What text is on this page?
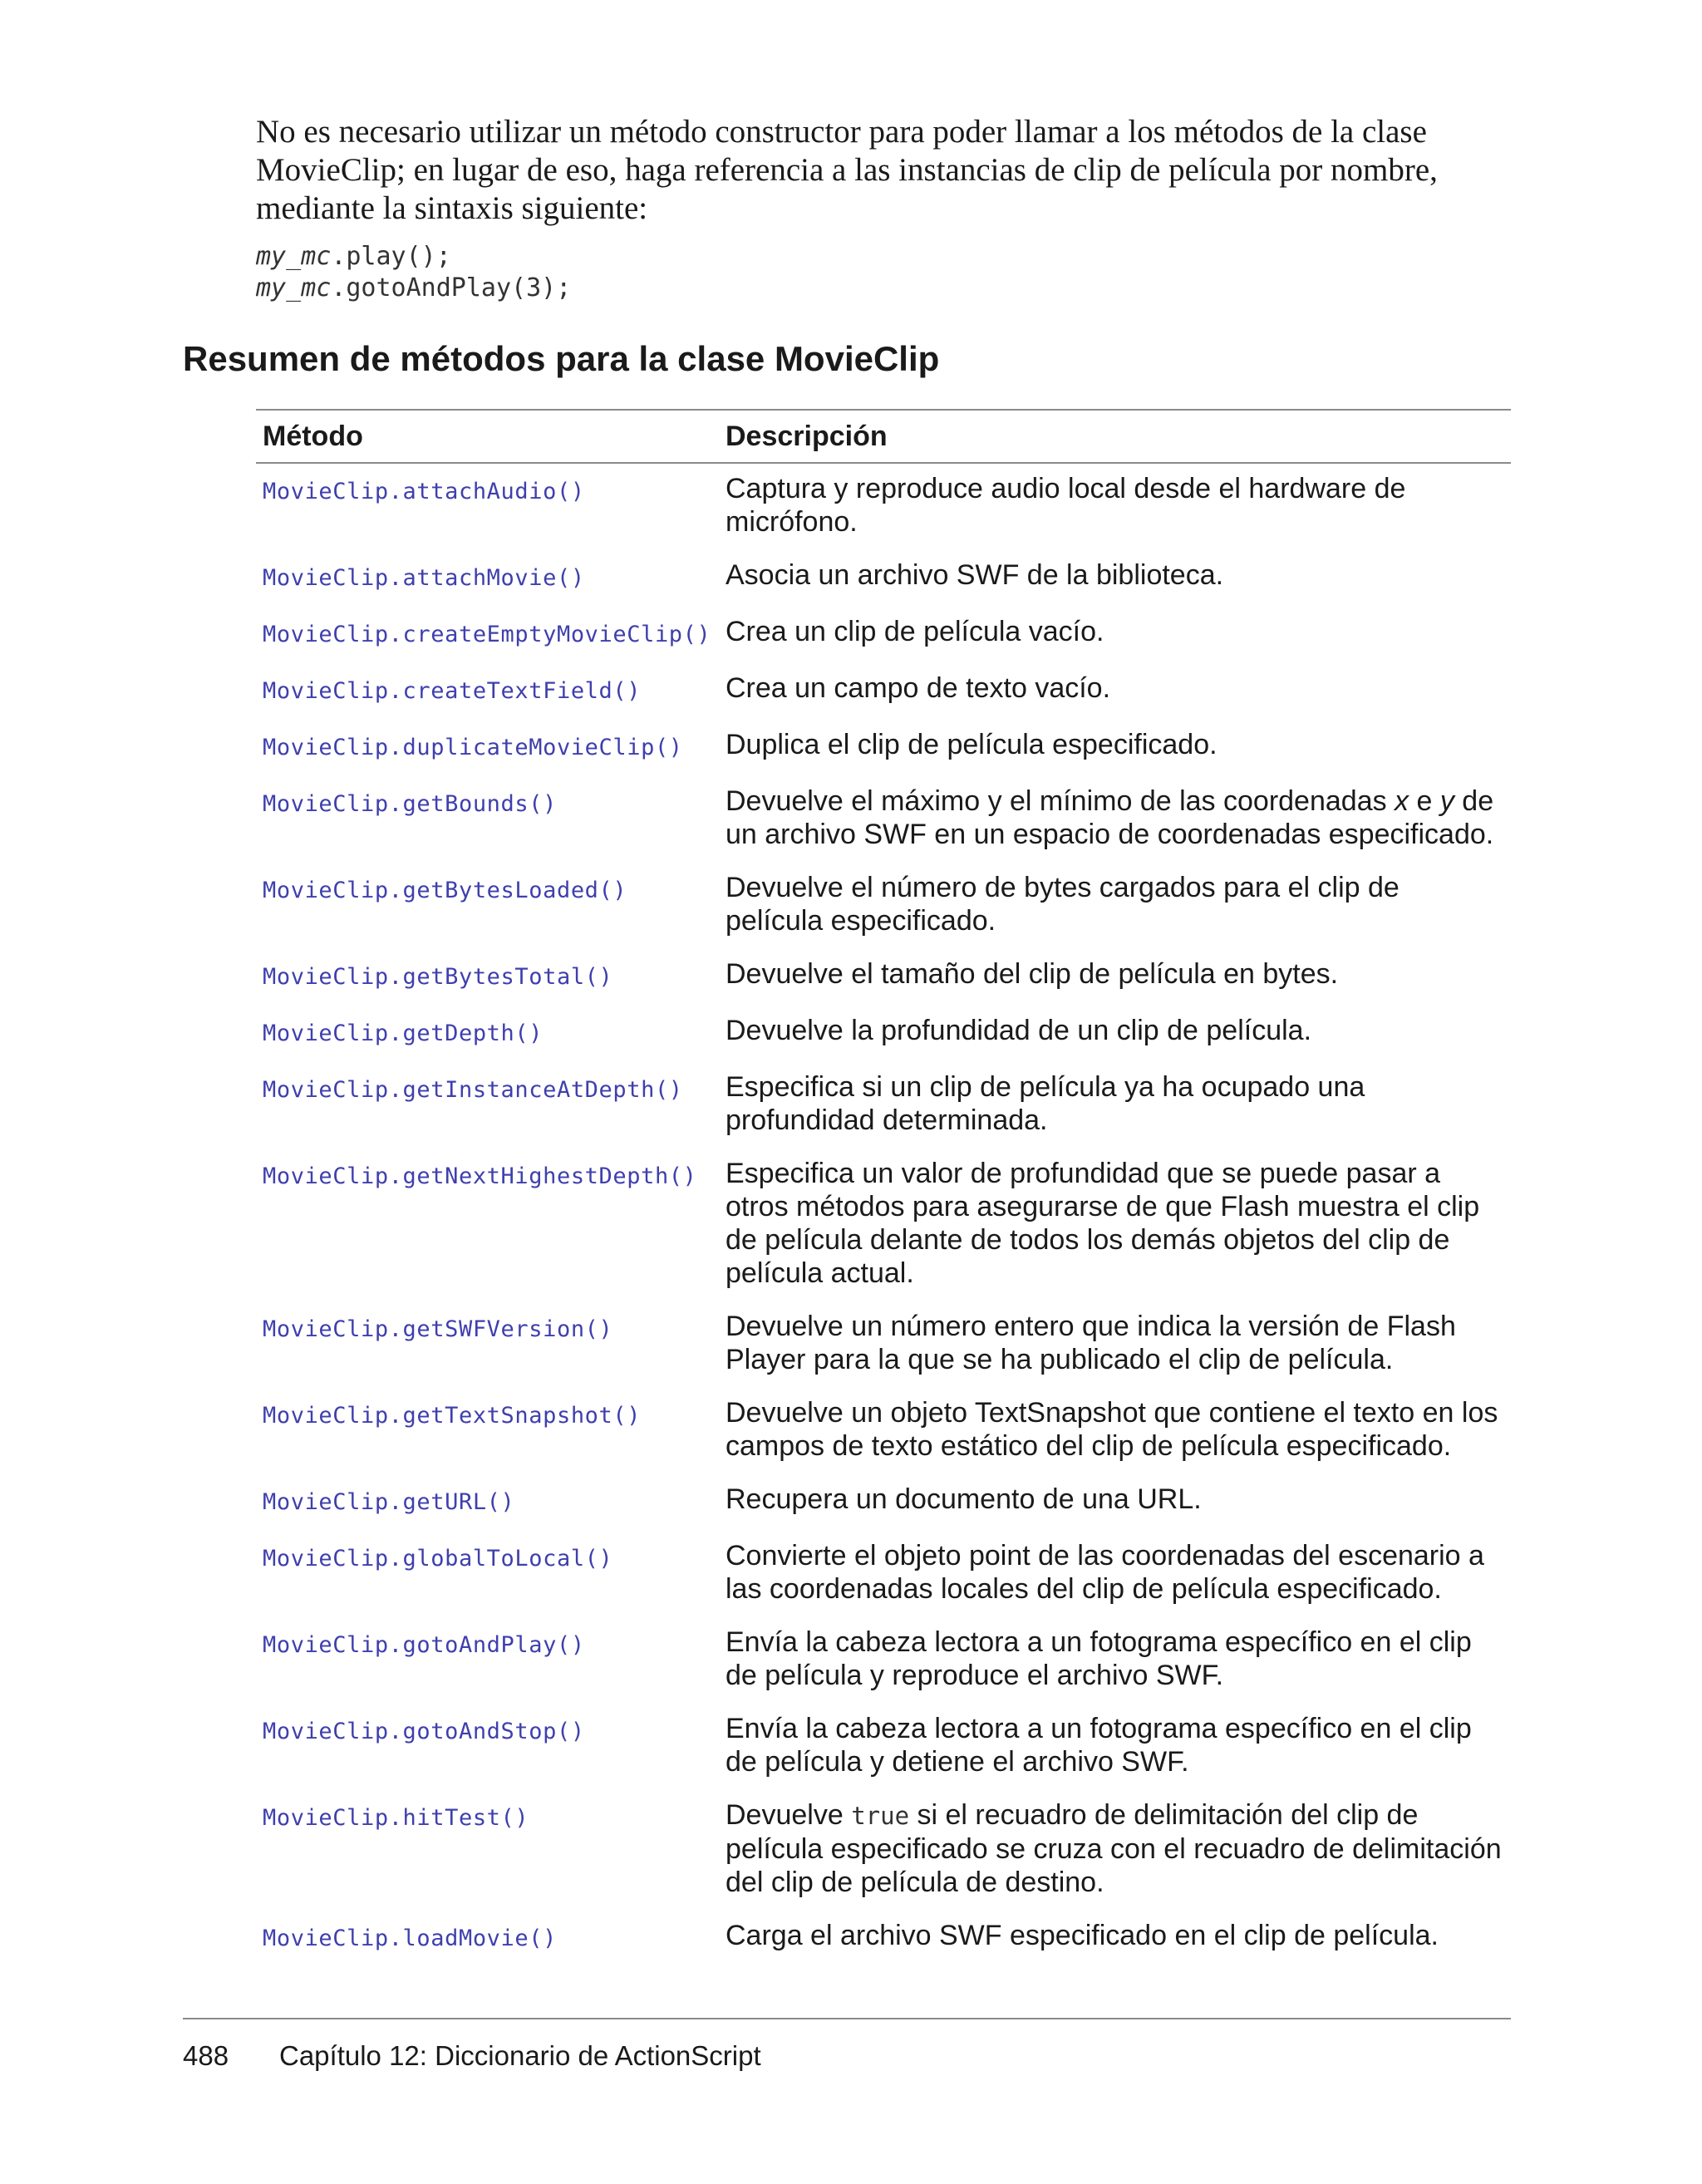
No es necesario utilizar un método constructor para poder llamar a los métodos de la clase MovieClip; en lugar de eso, haga referencia a las instancias de clip de película por nombre, mediante la sintaxis siguiente:

my_mc.play();
my_mc.gotoAndPlay(3);
Resumen de métodos para la clase MovieClip
Método	Descripción
MovieClip.attachAudio()	Captura y reproduce audio local desde el hardware de micrófono.
MovieClip.attachMovie()	Asocia un archivo SWF de la biblioteca.
MovieClip.createEmptyMovieClip() Crea un clip de película vacío.
MovieClip.createTextField()	Crea un campo de texto vacío.
MovieClip.duplicateMovieClip()	Duplica el clip de película especificado.
MovieClip.getBounds()	Devuelve el máximo y el mínimo de las coordenadas x e y de un archivo SWF en un espacio de coordenadas especificado.
MovieClip.getBytesLoaded()	Devuelve el número de bytes cargados para el clip de película especificado.
MovieClip.getBytesTotal()	Devuelve el tamaño del clip de película en bytes.
MovieClip.getDepth()	Devuelve la profundidad de un clip de película.
MovieClip.getInstanceAtDepth()	Especifica si un clip de película ya ha ocupado una profundidad determinada.
MovieClip.getNextHighestDepth()	Especifica un valor de profundidad que se puede pasar a otros métodos para asegurarse de que Flash muestra el clip de película delante de todos los demás objetos del clip de película actual.
MovieClip.getSWFVersion()	Devuelve un número entero que indica la versión de Flash Player para la que se ha publicado el clip de película.
MovieClip.getTextSnapshot()	Devuelve un objeto TextSnapshot que contiene el texto en los campos de texto estático del clip de película especificado.
MovieClip.getURL()	Recupera un documento de una URL.
MovieClip.globalToLocal()	Convierte el objeto point de las coordenadas del escenario a las coordenadas locales del clip de película especificado.
MovieClip.gotoAndPlay()	Envía la cabeza lectora a un fotograma específico en el clip de película y reproduce el archivo SWF.
MovieClip.gotoAndStop()	Envía la cabeza lectora a un fotograma específico en el clip de película y detiene el archivo SWF.
MovieClip.hitTest()	Devuelve true si el recuadro de delimitación del clip de película especificado se cruza con el recuadro de delimitación del clip de película de destino.
MovieClip.loadMovie()	Carga el archivo SWF especificado en el clip de película.
488	Capítulo 12: Diccionario de ActionScript
